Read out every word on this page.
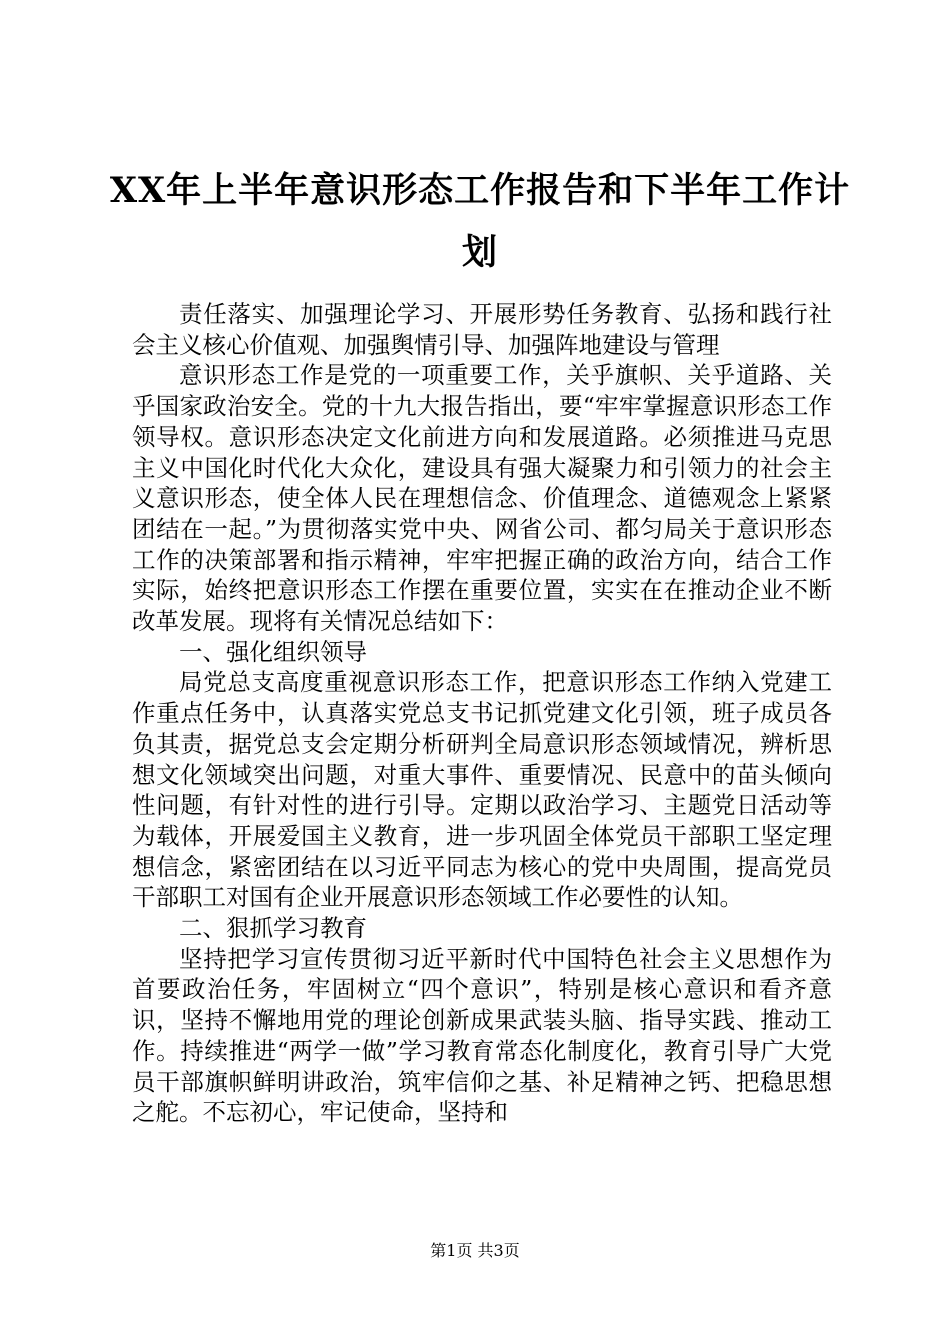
XX年上半年意识形态工作报告和下半年工作计划

责任落实、加强理论学习、开展形势任务教育、弘扬和践行社会主义核心价值观、加强舆情引导、加强阵地建设与管理

意识形态工作是党的一项重要工作，关乎旗帜、关乎道路、关乎国家政治安全。党的十九大报告指出，要“牢牢掌握意识形态工作领导权。意识形态决定文化前进方向和发展道路。必须推进马克思主义中国化时代化大众化，建设具有强大凝聚力和引领力的社会主义意识形态，使全体人民在理想信念、价值理念、道德观念上紧紧团结在一起。”为贯彻落实党中央、网省公司、都匀局关于意识形态工作的决策部署和指示精神，牢牢把握正确的政治方向，结合工作实际，始终把意识形态工作摆在重要位置，实实在在推动企业不断改革发展。现将有关情况总结如下：

一、强化组织领导

局党总支高度重视意识形态工作，把意识形态工作纳入党建工作重点任务中，认真落实党总支书记抓党建文化引领，班子成员各负其责，据党总支会定期分析研判全局意识形态领域情况，辨析思想文化领域突出问题，对重大事件、重要情况、民意中的苗头倾向性问题，有针对性的进行引导。定期以政治学习、主题党日活动等为载体，开展爱国主义教育，进一步巩固全体党员干部职工坚定理想信念，紧密团结在以习近平同志为核心的党中央周围，提高党员干部职工对国有企业开展意识形态领域工作必要性的认知。

二、狠抓学习教育

坚持把学习宣传贯彻习近平新时代中国特色社会主义思想作为首要政治任务，牢固树立“四个意识”，特别是核心意识和看齐意识，坚持不懈地用党的理论创新成果武装头脑、指导实践、推动工作。持续推进“两学一做”学习教育常态化制度化，教育引导广大党员干部旗帜鲜明讲政治，筑牢信仰之基、补足精神之钙、把稳思想之舵。不忘初心，牢记使命，坚持和

第1页 共3页
